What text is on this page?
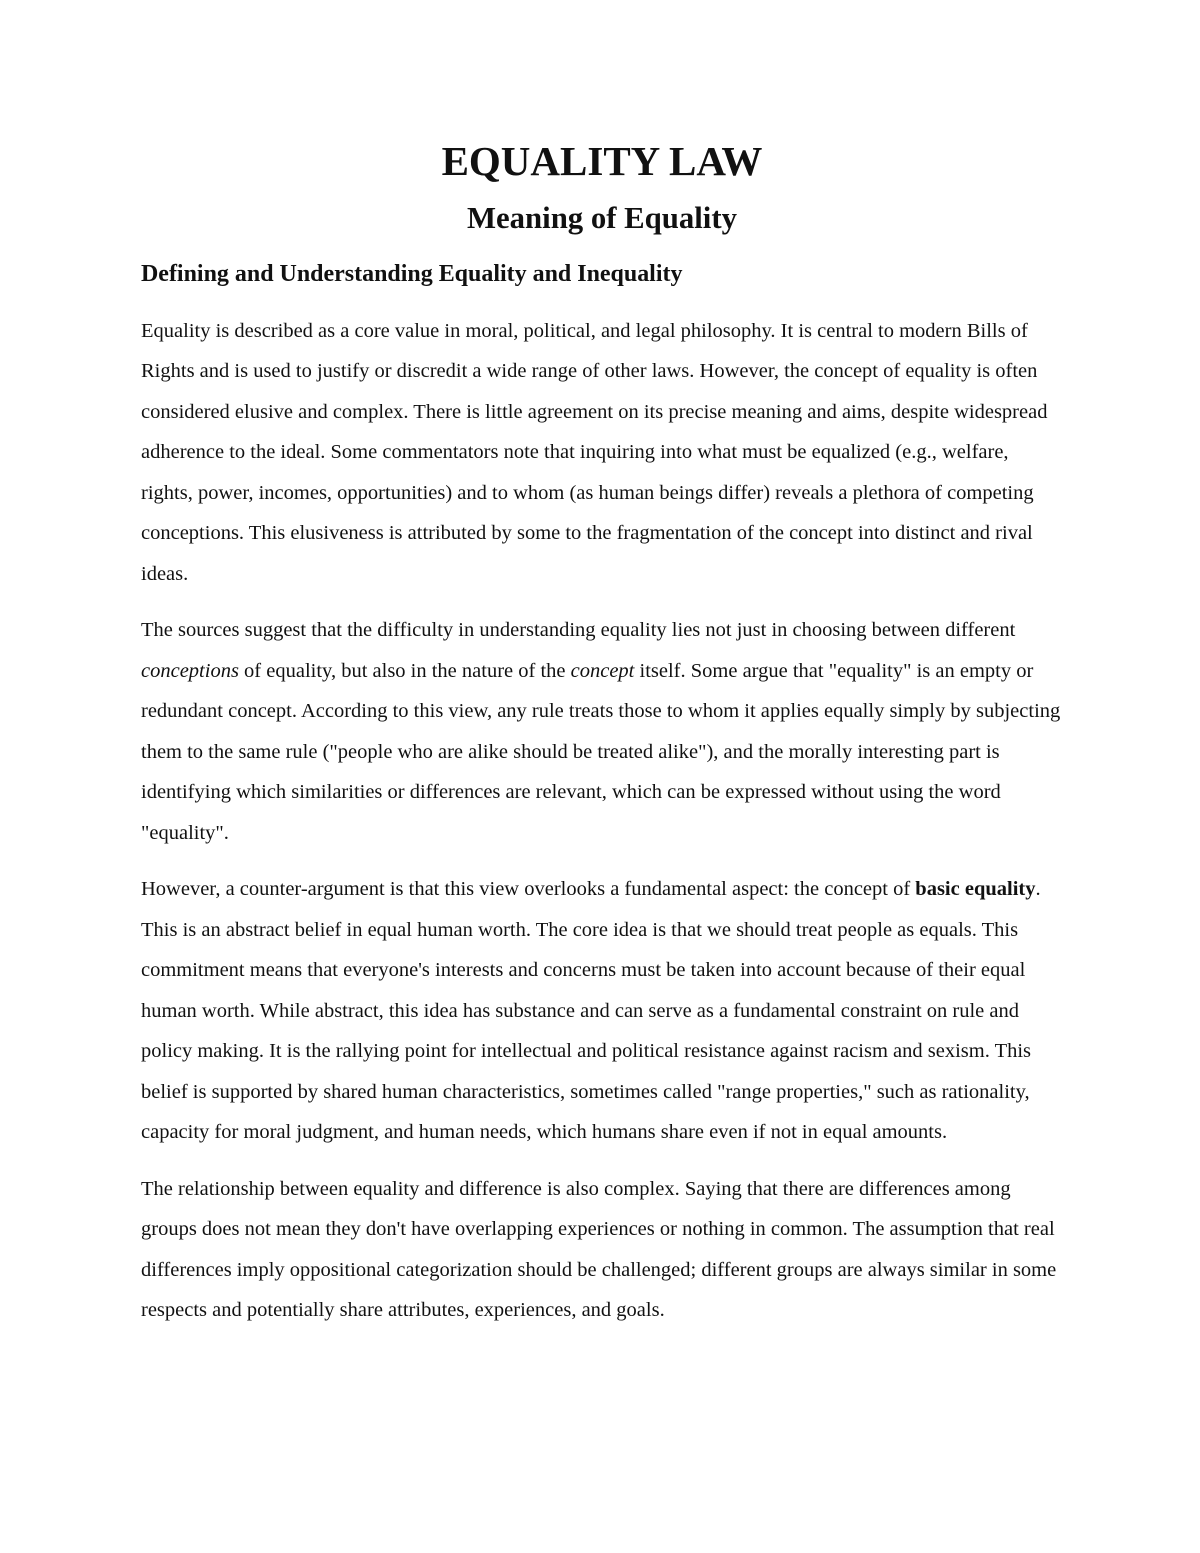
EQUALITY LAW
Meaning of Equality
Defining and Understanding Equality and Inequality

Equality is described as a core value in moral, political, and legal philosophy. It is central to modern Bills of Rights and is used to justify or discredit a wide range of other laws. However, the concept of equality is often considered elusive and complex. There is little agreement on its precise meaning and aims, despite widespread adherence to the ideal. Some commentators note that inquiring into what must be equalized (e.g., welfare, rights, power, incomes, opportunities) and to whom (as human beings differ) reveals a plethora of competing conceptions. This elusiveness is attributed by some to the fragmentation of the concept into distinct and rival ideas.

The sources suggest that the difficulty in understanding equality lies not just in choosing between different conceptions of equality, but also in the nature of the concept itself. Some argue that "equality" is an empty or redundant concept. According to this view, any rule treats those to whom it applies equally simply by subjecting them to the same rule ("people who are alike should be treated alike"), and the morally interesting part is identifying which similarities or differences are relevant, which can be expressed without using the word "equality".

However, a counter-argument is that this view overlooks a fundamental aspect: the concept of basic equality. This is an abstract belief in equal human worth. The core idea is that we should treat people as equals. This commitment means that everyone's interests and concerns must be taken into account because of their equal human worth. While abstract, this idea has substance and can serve as a fundamental constraint on rule and policy making. It is the rallying point for intellectual and political resistance against racism and sexism. This belief is supported by shared human characteristics, sometimes called "range properties," such as rationality, capacity for moral judgment, and human needs, which humans share even if not in equal amounts.

The relationship between equality and difference is also complex. Saying that there are differences among groups does not mean they don't have overlapping experiences or nothing in common. The assumption that real differences imply oppositional categorization should be challenged; different groups are always similar in some respects and potentially share attributes, experiences, and goals.
